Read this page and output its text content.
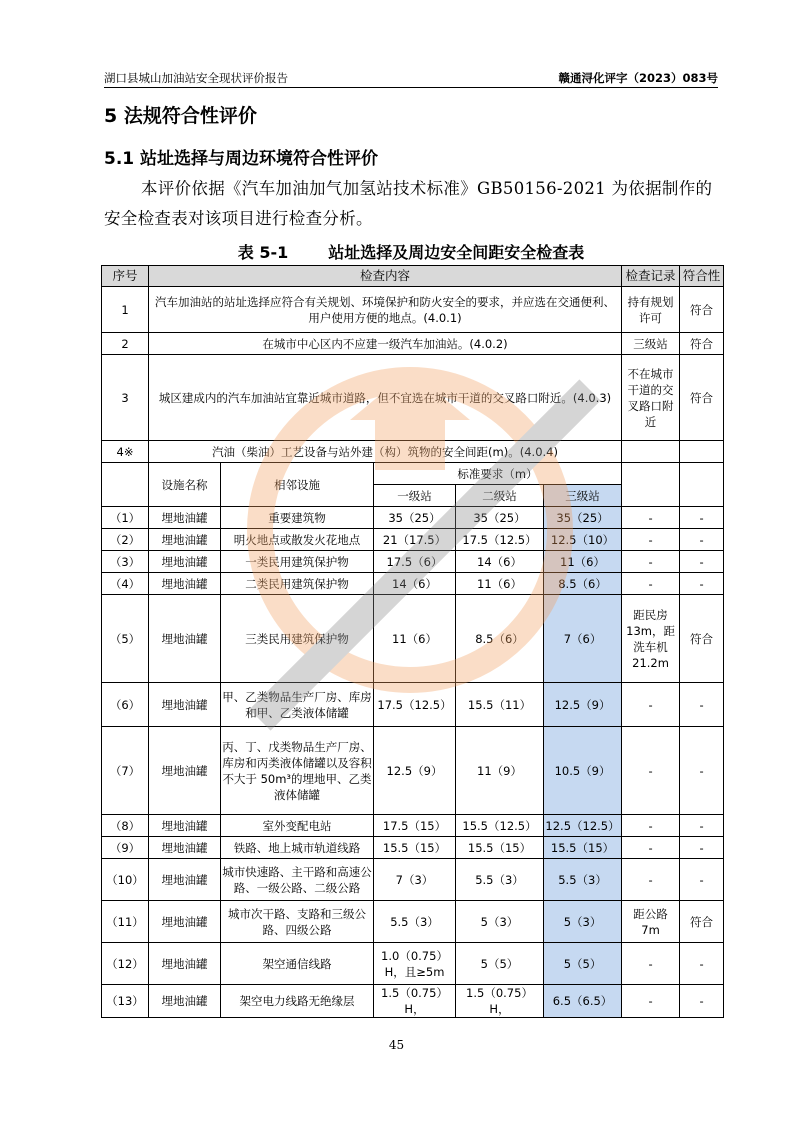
湖口县城山加油站安全现状评价报告	赣通浔化评字（2023）083号
5 法规符合性评价
5.1 站址选择与周边环境符合性评价
本评价依据《汽车加油加气加氢站技术标准》GB50156-2021 为依据制作的安全检查表对该项目进行检查分析。
表 5-1	站址选择及周边安全间距安全检查表
序号	检查内容					检查记录	符合性
1	汽车加油站的站址选择应符合有关规划、环境保护和防火安全的要求，并应选在交通便利、用户使用方便的地点。(4.0.1)					持有规划许可	符合
2	在城市中心区内不应建一级汽车加油站。(4.0.2)					三级站	符合
3	城区建成内的汽车加油站宜靠近城市道路，但不宜选在城市干道的交叉路口附近。(4.0.3)					不在城市干道的交叉路口附近	符合
4※	汽油（柴油）工艺设备与站外建（构）筑物的安全间距(m)。(4.0.4)						
	设施名称	相邻设施	标准要求（m）				
			一级站	二级站	三级站		
（1）	埋地油罐	重要建筑物	35（25）	35（25）	35（25）	-	-
（2）	埋地油罐	明火地点或散发火花地点	21（17.5）	17.5（12.5）	12.5（10）	-	-
（3）	埋地油罐	一类民用建筑保护物	17.5（6）	14（6）	11（6）	-	-
（4）	埋地油罐	二类民用建筑保护物	14（6）	11（6）	8.5（6）	-	-
（5）	埋地油罐	三类民用建筑保护物	11（6）	8.5（6）	7（6）	距民房13m，距洗车机21.2m	符合
（6）	埋地油罐	甲、乙类物品生产厂房、库房和甲、乙类液体储罐	17.5（12.5）	15.5（11）	12.5（9）	-	-
（7）	埋地油罐	丙、丁、戊类物品生产厂房、库房和丙类液体储罐以及容积不大于 50m³的埋地甲、乙类液体储罐	12.5（9）	11（9）	10.5（9）	-	-
（8）	埋地油罐	室外变配电站	17.5（15）	15.5（12.5）	12.5（12.5）	-	-
（9）	埋地油罐	铁路、地上城市轨道线路	15.5（15）	15.5（15）	15.5（15）	-	-
（10）	埋地油罐	城市快速路、主干路和高速公路、一级公路、二级公路	7（3）	5.5（3）	5.5（3）	-	-
（11）	埋地油罐	城市次干路、支路和三级公路、四级公路	5.5（3）	5（3）	5（3）	距公路 7m	符合
（12）	埋地油罐	架空通信线路	1.0（0.75）H，且≥5m	5（5）	5（5）	-	-
（13）	埋地油罐	架空电力线路无绝缘层	1.5（0.75）H，	1.5（0.75）H，	6.5（6.5）	-	-
45
